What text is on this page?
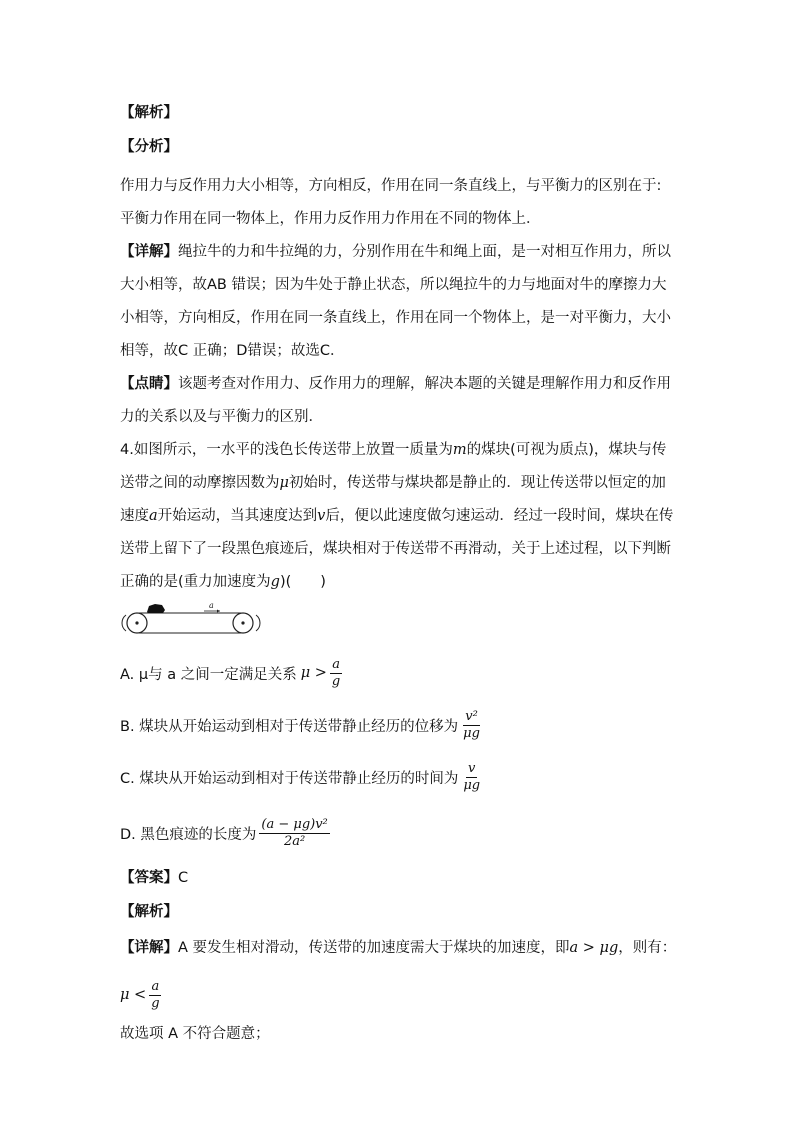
【解析】
【分析】
作用力与反作用力大小相等，方向相反，作用在同一条直线上，与平衡力的区别在于: 平衡力作用在同一物体上，作用力反作用力作用在不同的物体上．
【详解】绳拉牛的力和牛拉绳的力，分别作用在牛和绳上面，是一对相互作用力，所以大小相等，故AB 错误；因为牛处于静止状态，所以绳拉牛的力与地面对牛的摩擦力大小相等，方向相反，作用在同一条直线上，作用在同一个物体上，是一对平衡力，大小相等，故C 正确；D错误；故选C．
【点睛】该题考查对作用力、反作用力的理解，解决本题的关键是理解作用力和反作用力的关系以及与平衡力的区别．
4.如图所示，一水平的浅色长传送带上放置一质量为m的煤块(可视为质点)，煤块与传送带之间的动摩擦因数为μ初始时，传送带与煤块都是静止的．现让传送带以恒定的加速度a开始运动，当其速度达到v后，便以此速度做匀速运动．经过一段时间，煤块在传送带上留下了一段黑色痕迹后，煤块相对于传送带不再滑动，关于上述过程，以下判断正确的是(重力加速度为g)(　　)
a
A. μ与 a 之间一定满足关系 $\mu > \frac{a}{g}$
B. 煤块从开始运动到相对于传送带静止经历的位移为 $\frac{\text{v²}}{\mu g}$
C. 煤块从开始运动到相对于传送带静止经历的时间为 $\frac{v}{\mu g}$
D. 黑色痕迹的长度为 $\frac{\text{(a − μg)v²}}{\text{2a²}}$
【答案】C
【解析】
【详解】A 要发生相对滑动，传送带的加速度需大于煤块的加速度，即a > μg，则有：
$\mu < \frac{a}{g}$
故选项 A 不符合题意；
